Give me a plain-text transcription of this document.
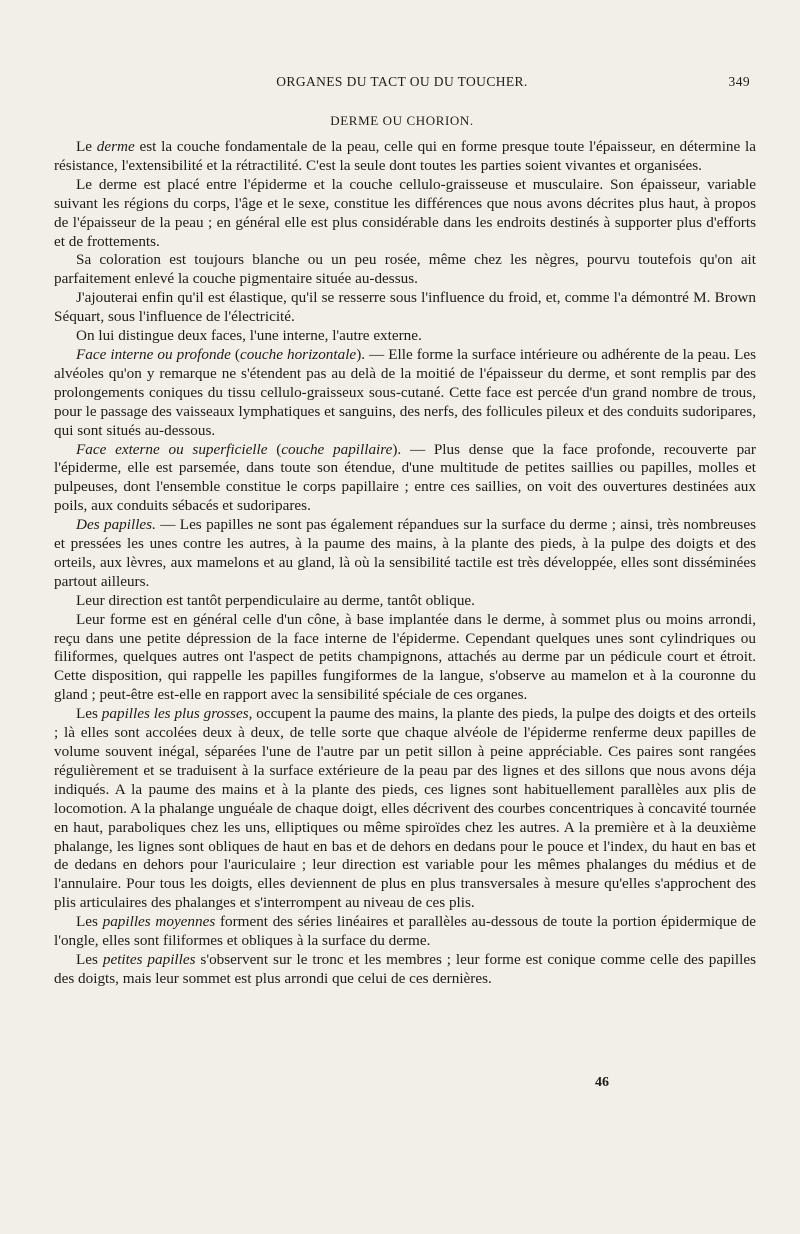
ORGANES DU TACT OU DU TOUCHER.	349
DERME OU CHORION.

Le derme est la couche fondamentale de la peau, celle qui en forme presque toute l'épaisseur, en détermine la résistance, l'extensibilité et la rétractilité. C'est la seule dont toutes les parties soient vivantes et organisées.

Le derme est placé entre l'épiderme et la couche cellulo-graisseuse et musculaire. Son épaisseur, variable suivant les régions du corps, l'âge et le sexe, constitue les différences que nous avons décrites plus haut, à propos de l'épaisseur de la peau ; en général elle est plus considérable dans les endroits destinés à supporter plus d'efforts et de frottements.

Sa coloration est toujours blanche ou un peu rosée, même chez les nègres, pourvu toutefois qu'on ait parfaitement enlevé la couche pigmentaire située au-dessus.

J'ajouterai enfin qu'il est élastique, qu'il se resserre sous l'influence du froid, et, comme l'a démontré M. Brown Séquart, sous l'influence de l'électricité.

On lui distingue deux faces, l'une interne, l'autre externe.

Face interne ou profonde (couche horizontale). — Elle forme la surface intérieure ou adhérente de la peau. Les alvéoles qu'on y remarque ne s'étendent pas au delà de la moitié de l'épaisseur du derme, et sont remplis par des prolongements coniques du tissu cellulo-graisseux sous-cutané. Cette face est percée d'un grand nombre de trous, pour le passage des vaisseaux lymphatiques et sanguins, des nerfs, des follicules pileux et des conduits sudoripares, qui sont situés au-dessous.

Face externe ou superficielle (couche papillaire). — Plus dense que la face profonde, recouverte par l'épiderme, elle est parsemée, dans toute son étendue, d'une multitude de petites saillies ou papilles, molles et pulpeuses, dont l'ensemble constitue le corps papillaire ; entre ces saillies, on voit des ouvertures destinées aux poils, aux conduits sébacés et sudoripares.

Des papilles. — Les papilles ne sont pas également répandues sur la surface du derme ; ainsi, très nombreuses et pressées les unes contre les autres, à la paume des mains, à la plante des pieds, à la pulpe des doigts et des orteils, aux lèvres, aux mamelons et au gland, là où la sensibilité tactile est très développée, elles sont disséminées partout ailleurs.

Leur direction est tantôt perpendiculaire au derme, tantôt oblique.

Leur forme est en général celle d'un cône, à base implantée dans le derme, à sommet plus ou moins arrondi, reçu dans une petite dépression de la face interne de l'épiderme. Cependant quelques unes sont cylindriques ou filiformes, quelques autres ont l'aspect de petits champignons, attachés au derme par un pédicule court et étroit. Cette disposition, qui rappelle les papilles fungiformes de la langue, s'observe au mamelon et à la couronne du gland ; peut-être est-elle en rapport avec la sensibilité spéciale de ces organes.

Les papilles les plus grosses, occupent la paume des mains, la plante des pieds, la pulpe des doigts et des orteils ; là elles sont accolées deux à deux, de telle sorte que chaque alvéole de l'épiderme renferme deux papilles de volume souvent inégal, séparées l'une de l'autre par un petit sillon à peine appréciable. Ces paires sont rangées régulièrement et se traduisent à la surface extérieure de la peau par des lignes et des sillons que nous avons déja indiqués. A la paume des mains et à la plante des pieds, ces lignes sont habituellement parallèles aux plis de locomotion. A la phalange unguéale de chaque doigt, elles décrivent des courbes concentriques à concavité tournée en haut, paraboliques chez les uns, elliptiques ou même spiroïdes chez les autres. A la première et à la deuxième phalange, les lignes sont obliques de haut en bas et de dehors en dedans pour le pouce et l'index, du haut en bas et de dedans en dehors pour l'auriculaire ; leur direction est variable pour les mêmes phalanges du médius et de l'annulaire. Pour tous les doigts, elles deviennent de plus en plus transversales à mesure qu'elles s'approchent des plis articulaires des phalanges et s'interrompent au niveau de ces plis.

Les papilles moyennes forment des séries linéaires et parallèles au-dessous de toute la portion épidermique de l'ongle, elles sont filiformes et obliques à la surface du derme.

Les petites papilles s'observent sur le tronc et les membres ; leur forme est conique comme celle des papilles des doigts, mais leur sommet est plus arrondi que celui de ces dernières.

46
